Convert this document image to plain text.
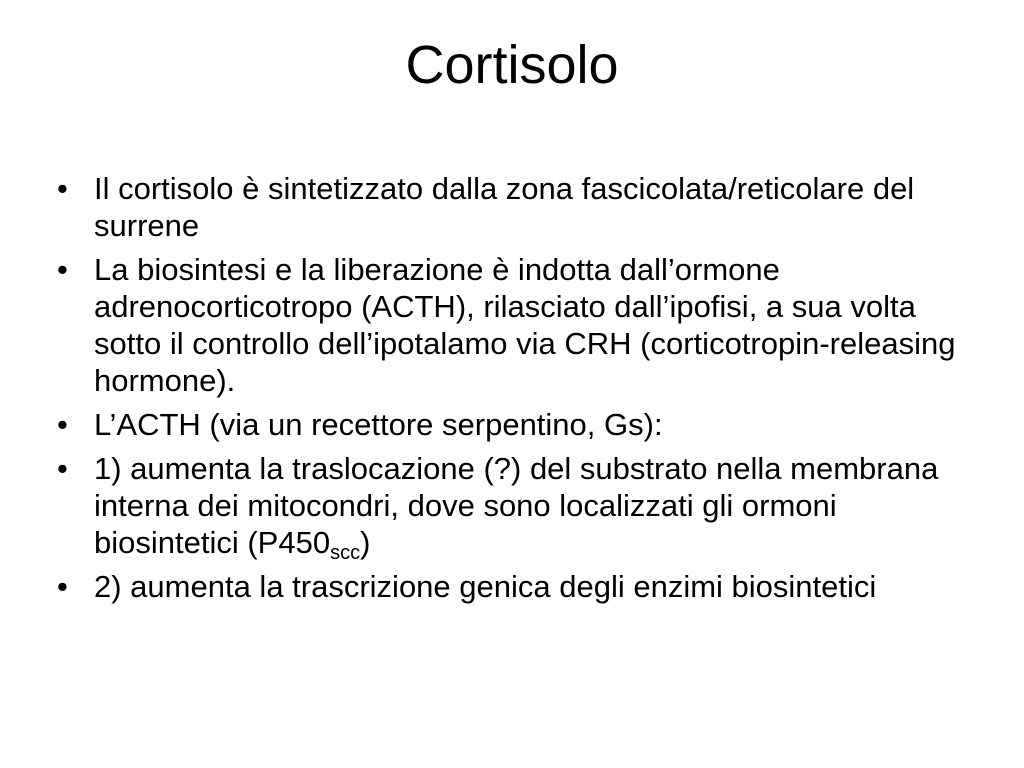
Cortisolo
• Il cortisolo è sintetizzato dalla zona fascicolata/reticolare del surrene
• La biosintesi e la liberazione è indotta dall’ormone adrenocorticotropo (ACTH), rilasciato dall’ipofisi, a sua volta sotto il controllo dell’ipotalamo via CRH (corticotropin-releasing hormone).
• L’ACTH (via un recettore serpentino, Gs):
• 1) aumenta la traslocazione (?) del substrato nella membrana interna dei mitocondri, dove sono localizzati gli ormoni biosintetici $(P450_{scc})$
• 2) aumenta la trascrizione genica degli enzimi biosintetici
